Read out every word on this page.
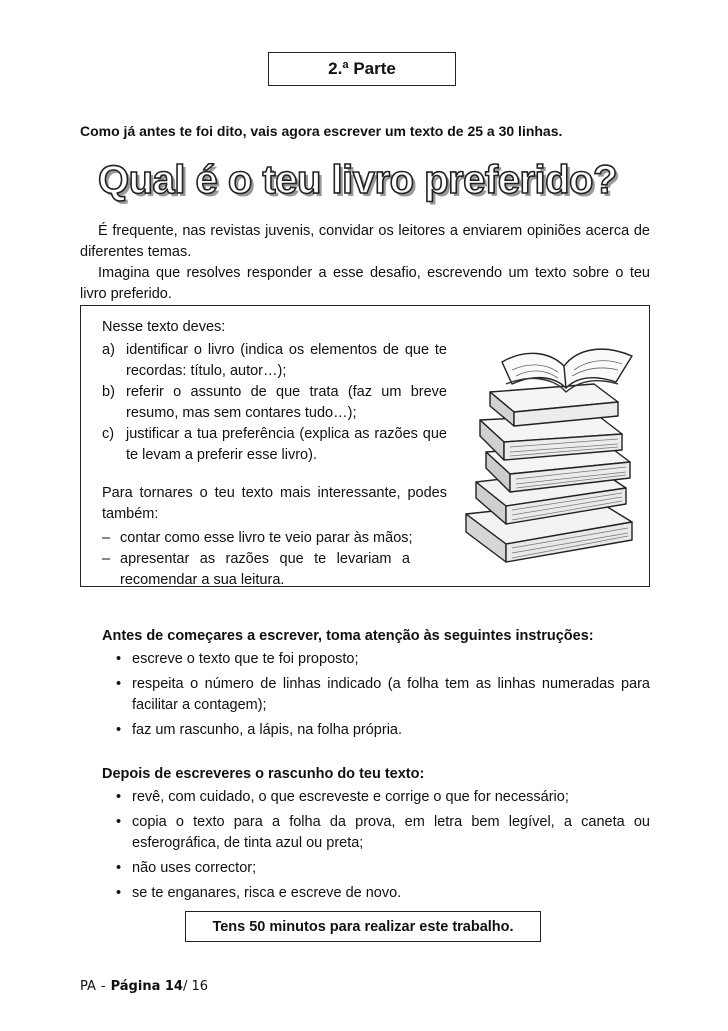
2.ª Parte
Como já antes te foi dito, vais agora escrever um texto de 25 a 30 linhas.
Qual é o teu livro preferido?

É frequente, nas revistas juvenis, convidar os leitores a enviarem opiniões acerca de diferentes temas.

Imagina que resolves responder a esse desafio, escrevendo um texto sobre o teu livro preferido.

Nesse texto deves:
a) identificar o livro (indica os elementos de que te recordas: título, autor…);
b) referir o assunto de que trata (faz um breve resumo, mas sem contares tudo…);
c) justificar a tua preferência (explica as razões que te levam a preferir esse livro).
Para tornares o teu texto mais interessante, podes também:
– contar como esse livro te veio parar às mãos;
– apresentar as razões que te levariam a recomendar a sua leitura.
Antes de começares a escrever, toma atenção às seguintes instruções:
• escreve o texto que te foi proposto;
• respeita o número de linhas indicado (a folha tem as linhas numeradas para facilitar a contagem);
• faz um rascunho, a lápis, na folha própria.
Depois de escreveres o rascunho do teu texto:
• revê, com cuidado, o que escreveste e corrige o que for necessário;
• copia o texto para a folha da prova, em letra bem legível, a caneta ou esferográfica, de tinta azul ou preta;
• não uses corrector;
• se te enganares, risca e escreve de novo.
Tens 50 minutos para realizar este trabalho.
PA - Página 14/ 16
